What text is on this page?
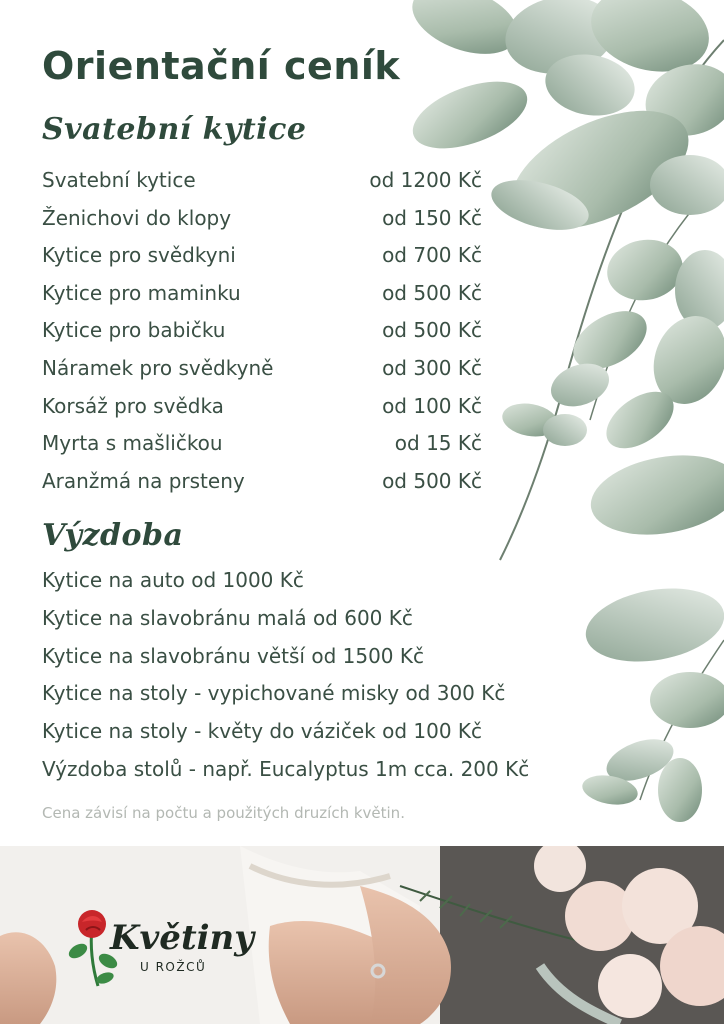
Orientační ceník
Svatební kytice
Svatební kytice	od 1200 Kč
Ženichovi do klopy	od 150 Kč
Kytice pro svědkyni	od 700 Kč
Kytice pro maminku	od 500 Kč
Kytice pro babičku	od 500 Kč
Náramek pro svědkyně	od 300 Kč
Korsáž pro svědka	od 100 Kč
Myrta s mašličkou	od 15 Kč
Aranžmá na prsteny	od 500 Kč
Výzdoba
Kytice na auto od 1000 Kč
Kytice na slavobránu malá od 600 Kč
Kytice na slavobránu větší od 1500 Kč
Kytice na stoly - vypichované misky od 300 Kč
Kytice na stoly - květy do váziček od 100 Kč
Výzdoba stolů - např. Eucalyptus 1m cca. 200 Kč
Cena závisí na počtu a použitých druzích květin.
Květiny
U ROŽCŮ
